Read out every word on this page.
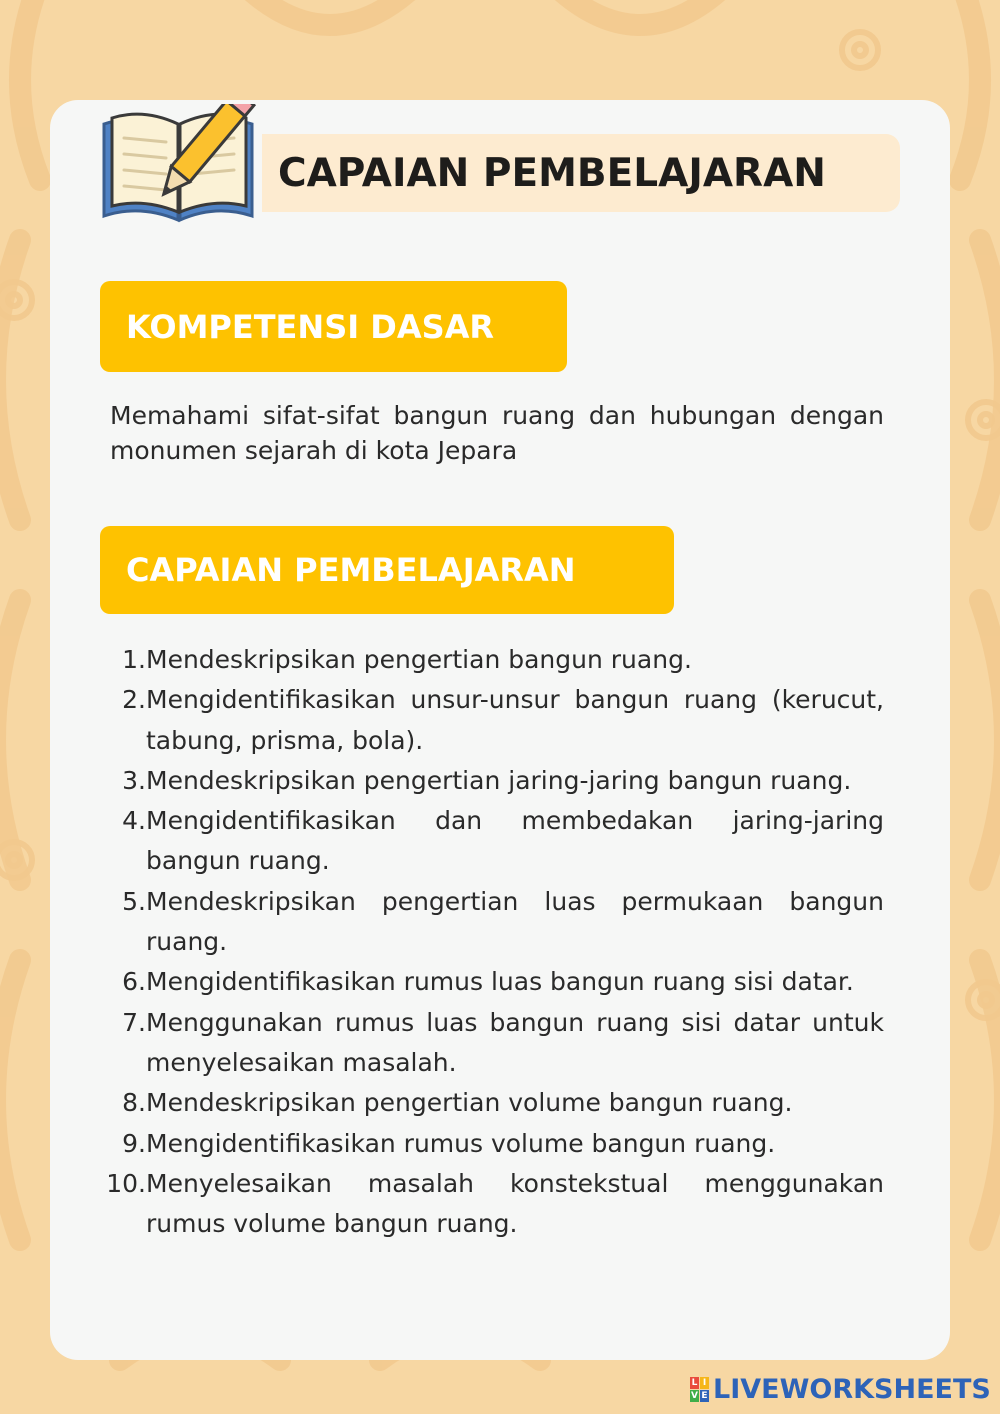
CAPAIAN PEMBELAJARAN
KOMPETENSI DASAR

Memahami sifat-sifat bangun ruang dan hubungan dengan monumen sejarah di kota Jepara

CAPAIAN PEMBELAJARAN
1. Mendeskripsikan pengertian bangun ruang.
2. Mengidentifikasikan unsur-unsur bangun ruang (kerucut, tabung, prisma, bola).
3. Mendeskripsikan pengertian jaring-jaring bangun ruang.
4. Mengidentifikasikan dan membedakan jaring-jaring bangun ruang.
5. Mendeskripsikan pengertian luas permukaan bangun ruang.
6. Mengidentifikasikan rumus luas bangun ruang sisi datar.
7. Menggunakan rumus luas bangun ruang sisi datar untuk menyelesaikan masalah.
8. Mendeskripsikan pengertian volume bangun ruang.
9. Mengidentifikasikan rumus volume bangun ruang.
10. Menyelesaikan masalah konstekstual menggunakan rumus volume bangun ruang.
L I
V E LIVEWORKSHEETS
